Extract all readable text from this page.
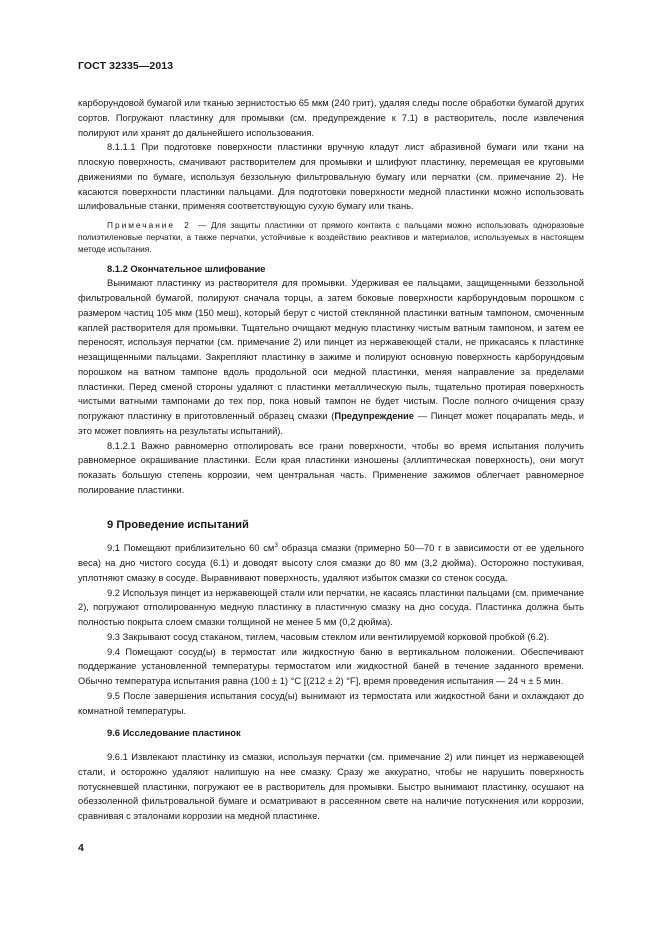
ГОСТ 32335—2013

карборундовой бумагой или тканью зернистостью 65 мкм (240 грит), удаляя следы после обработки бумагой других сортов. Погружают пластинку для промывки (см. предупреждение к 7.1) в растворитель, после извлечения полируют или хранят до дальнейшего использования.

8.1.1.1 При подготовке поверхности пластинки вручную кладут лист абразивной бумаги или ткани на плоскую поверхность, смачивают растворителем для промывки и шлифуют пластинку, перемещая ее круговыми движениями по бумаге, используя беззольную фильтровальную бумагу или перчатки (см. примечание 2). Не касаются поверхности пластинки пальцами. Для подготовки поверхности медной пластинки можно использовать шлифовальные станки, применяя соответствующую сухую бумагу или ткань.

Примечание 2 — Для защиты пластинки от прямого контакта с пальцами можно использовать одноразовые полиэтиленовые перчатки, а также перчатки, устойчивые к воздействию реактивов и материалов, используемых в настоящем методе испытания.

8.1.2 Окончательное шлифование

Вынимают пластинку из растворителя для промывки. Удерживая ее пальцами, защищенными беззольной фильтровальной бумагой, полируют сначала торцы, а затем боковые поверхности карборундовым порошком с размером частиц 105 мкм (150 меш), который берут с чистой стеклянной пластинки ватным тампоном, смоченным каплей растворителя для промывки. Тщательно очищают медную пластинку чистым ватным тампоном, и затем ее переносят, используя перчатки (см. примечание 2) или пинцет из нержавеющей стали, не прикасаясь к пластинке незащищенными пальцами. Закрепляют пластинку в зажиме и полируют основную поверхность карборундовым порошком на ватном тампоне вдоль продольной оси медной пластинки, меняя направление за пределами пластинки. Перед сменой стороны удаляют с пластинки металлическую пыль, тщательно протирая поверхность чистыми ватными тампонами до тех пор, пока новый тампон не будет чистым. После полного очищения сразу погружают пластинку в приготовленный образец смазки (Предупреждение — Пинцет может поцарапать медь, и это может повлиять на результаты испытаний).

8.1.2.1 Важно равномерно отполировать все грани поверхности, чтобы во время испытания получить равномерное окрашивание пластинки. Если края пластинки изношены (эллиптическая поверхность), они могут показать большую степень коррозии, чем центральная часть. Применение зажимов облегчает равномерное полирование пластинки.

9 Проведение испытаний

9.1 Помещают приблизительно 60 $см^3$ образца смазки (примерно 50—70 г в зависимости от ее удельного веса) на дно чистого сосуда (6.1) и доводят высоту слоя смазки до 80 мм (3,2 дюйма). Осторожно постукивая, уплотняют смазку в сосуде. Выравнивают поверхность, удаляют избыток смазки со стенок сосуда.

9.2 Используя пинцет из нержавеющей стали или перчатки, не касаясь пластинки пальцами (см. примечание 2), погружают отполированную медную пластинку в пластичную смазку на дно сосуда. Пластинка должна быть полностью покрыта слоем смазки толщиной не менее 5 мм (0,2 дюйма).

9.3 Закрывают сосуд стаканом, тиглем, часовым стеклом или вентилируемой корковой пробкой (6.2).

9.4 Помещают сосуд(ы) в термостат или жидкостную баню в вертикальном положении. Обеспечивают поддержание установленной температуры термостатом или жидкостной баней в течение заданного времени. Обычно температура испытания равна (100 ± 1) °С [(212 ± 2) °F], время проведения испытания — 24 ч ± 5 мин.

9.5 После завершения испытания сосуд(ы) вынимают из термостата или жидкостной бани и охлаждают до комнатной температуры.

9.6 Исследование пластинок

9.6.1 Извлекают пластинку из смазки, используя перчатки (см. примечание 2) или пинцет из нержавеющей стали, и осторожно удаляют налипшую на нее смазку. Сразу же аккуратно, чтобы не нарушить поверхность потускневшей пластинки, погружают ее в растворитель для промывки. Быстро вынимают пластинку, осушают на обеззоленной фильтровальной бумаге и осматривают в рассеянном свете на наличие потускнения или коррозии, сравнивая с эталонами коррозии на медной пластинке.

4
